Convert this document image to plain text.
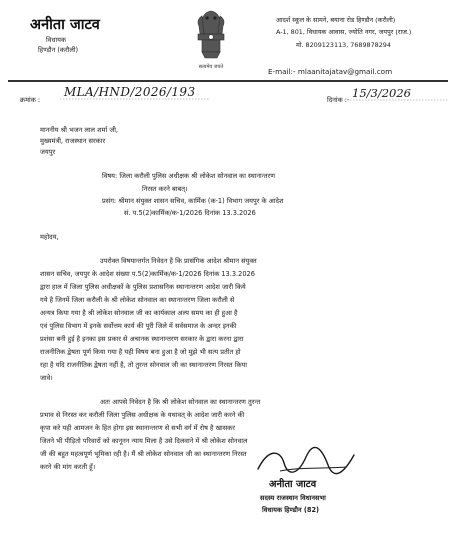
अनीता जाटव
विधायक
हिण्डौन (करौली)
सत्यमेव जयते
आदर्श स्कूल के सामने, बयाना रोड हिण्डौन (करौली)
A-1, 801, विधायक आवास, ज्योति नगर, जयपुर (राज.)
मो. 8209123113, 7689878294
E-mail:- mlaanitajatav@gmail.com
क्रमांक :
MLA/HND/2026/193
दिनांक :- 15/3/2026
माननीय श्री भजन लाल शर्मा जी,
मुख्यमंत्री, राजस्थान सरकार
जयपुर
विषय: जिला करौली पुलिस अधीक्षक श्री लोकेश सोनवाल का स्थानान्तरण
निरस्त करने बाबत्।
प्रसंग: श्रीमान संयुक्त शासन सचिव, कार्मिक (क-1) विभाग जयपुर के आदेश
सं. प.5(2)कार्मिक/क-1/2026 दिनांक 13.3.2026
महोदय,
उपरोक्त विषयान्तर्गत निवेदन है कि प्रासंगिक आदेश श्रीमान संयुक्त
शासन सचिव, जयपुर के आदेश संख्या प.5(2)कार्मिक/क-1/2026 दिनांक 13.3.2026
द्वारा हाल में जिला पुलिस अधीक्षकों के पुलिस प्रशासनिक स्थानान्तरण आदेश जारी किये
गये है जिनमें जिला करौली के श्री लोकेश सोनवाल का स्थानान्तरण जिला करौली से
अन्यत्र किया गया है श्री लोकेश सोनवाल जी का कार्यकाल अल्प समय का ही हुआ है
एवं पुलिस विभाग में इनके सर्वोत्तम कार्य की पूरी जिले में सर्वसमाज के अन्दर इनकी
प्रशंसा बनी हुई है इनका इस प्रकार से अचानक स्थानान्तरण सरकार के द्वारा करना द्वारा
राजनीतिक द्वेषता पूर्ण किया गया है यही विषय बना हुआ है जो मुझे भी सत्य प्रतीत हो
रहा है यदि राजनीतिक द्वेषता नहीं है, तो तुरन्त सोनवाल जी का स्थानान्तरण निरस्त किया
जावे।
अतः आपसे निवेदन है कि श्री लोकेश सोनवाल का स्थानान्तरण तुरन्त
प्रभाव से निरस्त कर करौली जिला पुलिस अधीक्षक के यथावत् के आदेश जारी करने की
कृपा करे यही आमजन के हित होगा इस स्थानान्तरण से सभी वर्ग में रोष है खासकर
जितने भी पीड़ितो परिवारों को कानूनन न्याय मिला है उसे दिलवाने में श्री लोकेश सोनवाल
जी की बहुत महत्वपूर्ण भूमिका रही है। मैं श्री लोकेश सोनवाल जी का स्थानान्तरण निरस्त
करने की मांग करती हूँ।
अनीता जाटव
सदस्य राजस्थान विधानसभा
विधायक हिण्डौन (82)
